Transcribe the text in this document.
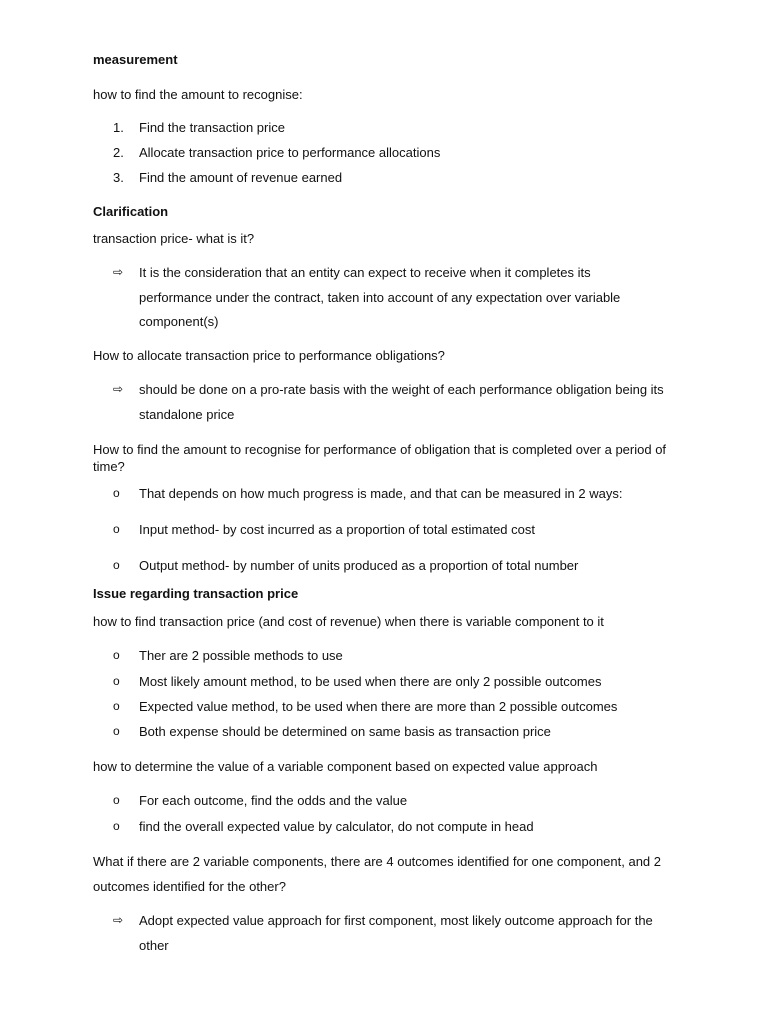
measurement
how to find the amount to recognise:
1.	Find the transaction price
2.	Allocate transaction price to performance allocations
3.	Find the amount of revenue earned
Clarification
transaction price- what is it?
⇨	It is the consideration that an entity can expect to receive when it completes its performance under the contract, taken into account of any expectation over variable component(s)
How to allocate transaction price to performance obligations?
⇨	should be done on a pro-rate basis with the weight of each performance obligation being its standalone price
How to find the amount to recognise for performance of obligation that is completed over a period of time?
o	That depends on how much progress is made, and that can be measured in 2 ways:
o	Input method- by cost incurred as a proportion of total estimated cost
o	Output method- by number of units produced as a proportion of total number
Issue regarding transaction price
how to find transaction price (and cost of revenue) when there is variable component to it
o	Ther are 2 possible methods to use
o	Most likely amount method, to be used when there are only 2 possible outcomes
o	Expected value method, to be used when there are more than 2 possible outcomes
o	Both expense should be determined on same basis as transaction price
how to determine the value of a variable component based on expected value approach
o	For each outcome, find the odds and the value
o	find the overall expected value by calculator, do not compute in head
What if there are 2 variable components, there are 4 outcomes identified for one component, and 2 outcomes identified for the other?
⇨	Adopt expected value approach for first component, most likely outcome approach for the other
